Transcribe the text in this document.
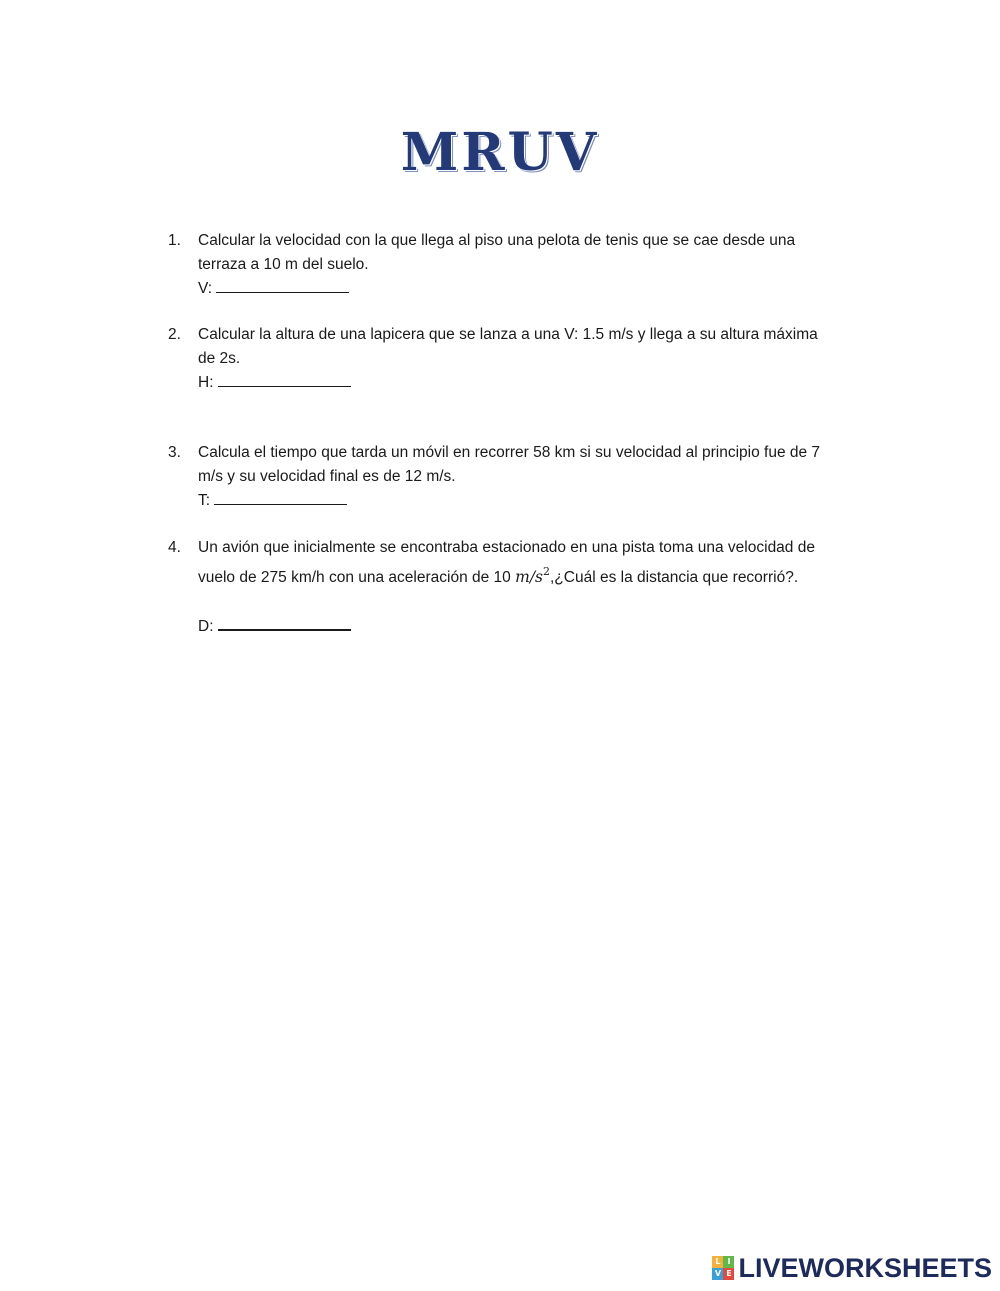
MRUV
1.	Calcular la velocidad con la que llega al piso una pelota de tenis que se cae desde una
terraza a 10 m del suelo.
V:
2.	Calcular la altura de una lapicera que se lanza a una V: 1.5 m/s y llega a su altura máxima
de 2s.
H:
3.	Calcula el tiempo que tarda un móvil en recorrer 58 km si su velocidad al principio fue de 7
m/s y su velocidad final es de 12 m/s.
T:
4.	Un avión que inicialmente se encontraba estacionado en una pista toma una velocidad de
vuelo de 275 km/h con una aceleración de 10 $m/s^2,¿Cuál$ es la distancia que recorrió?.
D:
L I
V E LIVEWORKSHEETS
